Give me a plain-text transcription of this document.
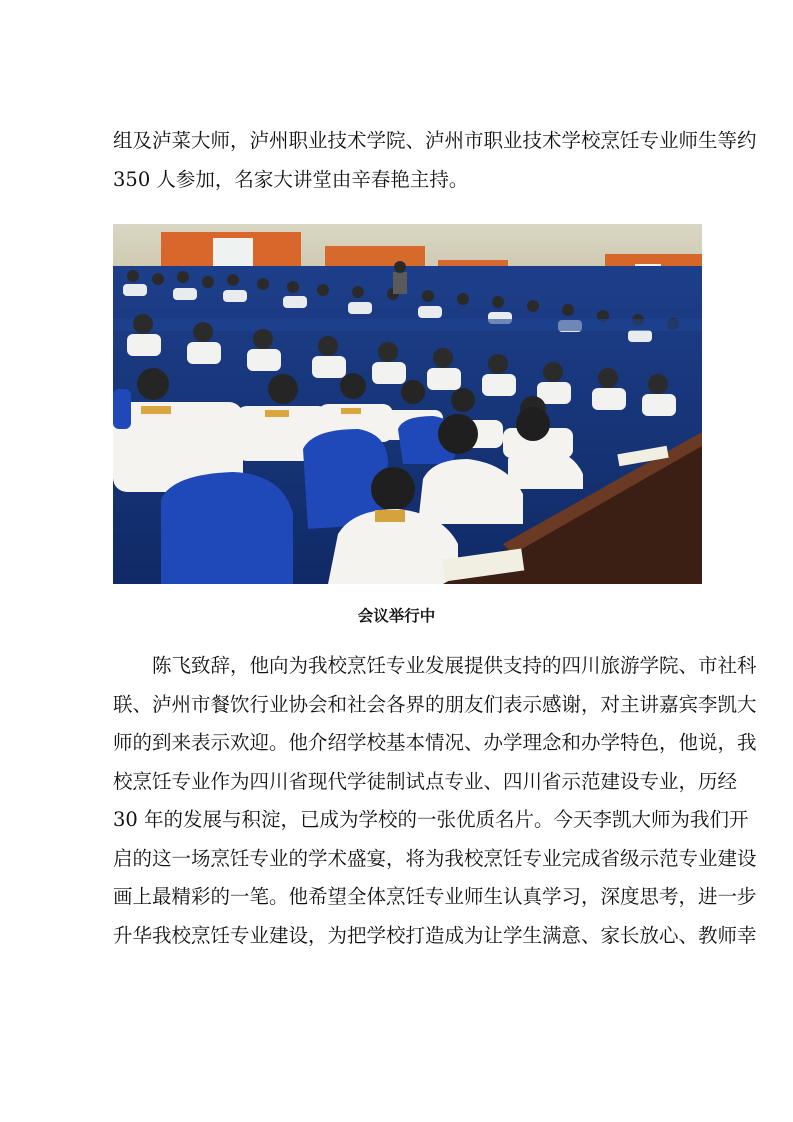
组及泸菜大师，泸州职业技术学院、泸州市职业技术学校烹饪专业师生等约
350 人参加，名家大讲堂由辛春艳主持。
会议举行中
　　陈飞致辞，他向为我校烹饪专业发展提供支持的四川旅游学院、市社科
联、泸州市餐饮行业协会和社会各界的朋友们表示感谢，对主讲嘉宾李凯大
师的到来表示欢迎。他介绍学校基本情况、办学理念和办学特色，他说，我
校烹饪专业作为四川省现代学徒制试点专业、四川省示范建设专业，历经
30 年的发展与积淀，已成为学校的一张优质名片。今天李凯大师为我们开
启的这一场烹饪专业的学术盛宴，将为我校烹饪专业完成省级示范专业建设
画上最精彩的一笔。他希望全体烹饪专业师生认真学习，深度思考，进一步
升华我校烹饪专业建设，为把学校打造成为让学生满意、家长放心、教师幸
